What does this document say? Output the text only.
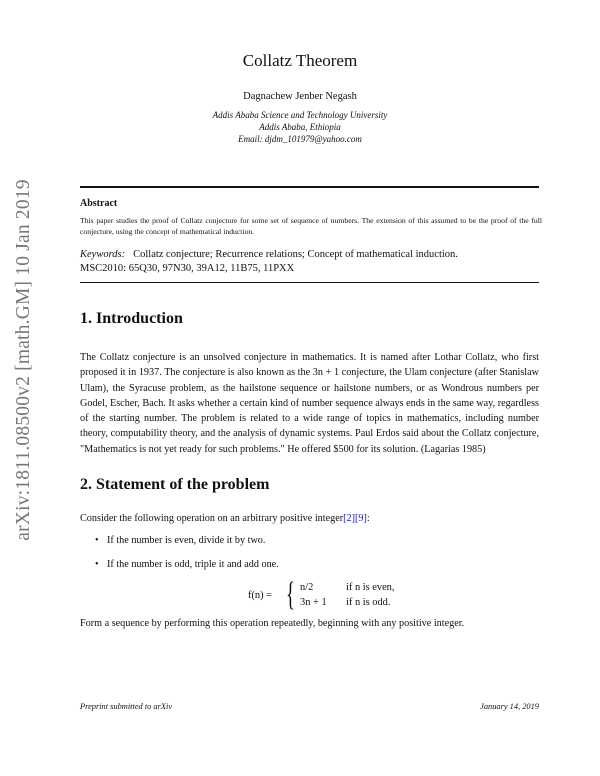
arXiv:1811.08500v2 [math.GM] 10 Jan 2019
Collatz Theorem
Dagnachew Jenber Negash
Addis Ababa Science and Technology University
Addis Ababa, Ethiopia
Email: djdm_101979@yahoo.com
Abstract
This paper studies the proof of Collatz conjecture for some set of sequence of numbers. The extension of this assumed to be the proof of the full conjecture, using the concept of mathematical induction.
Keywords: Collatz conjecture; Recurrence relations; Concept of mathematical induction.
MSC2010: 65Q30, 97N30, 39A12, 11B75, 11PXX
1. Introduction
The Collatz conjecture is an unsolved conjecture in mathematics. It is named after Lothar Collatz, who first proposed it in 1937. The conjecture is also known as the 3n + 1 conjecture, the Ulam conjecture (after Stanislaw Ulam), the Syracuse problem, as the hailstone sequence or hailstone numbers, or as Wondrous numbers per Godel, Escher, Bach. It asks whether a certain kind of number sequence always ends in the same way, regardless of the starting number. The problem is related to a wide range of topics in mathematics, including number theory, computability theory, and the analysis of dynamic systems. Paul Erdos said about the Collatz conjecture, "Mathematics is not yet ready for such problems." He offered $500 for its solution. (Lagarias 1985)
2. Statement of the problem
Consider the following operation on an arbitrary positive integer[2][9]:
• If the number is even, divide it by two.
• If the number is odd, triple it and add one.
f(n) = { n/2	if n is even,
3n + 1 if n is odd.
Form a sequence by performing this operation repeatedly, beginning with any positive integer.
Preprint submitted to arXiv	January 14, 2019
